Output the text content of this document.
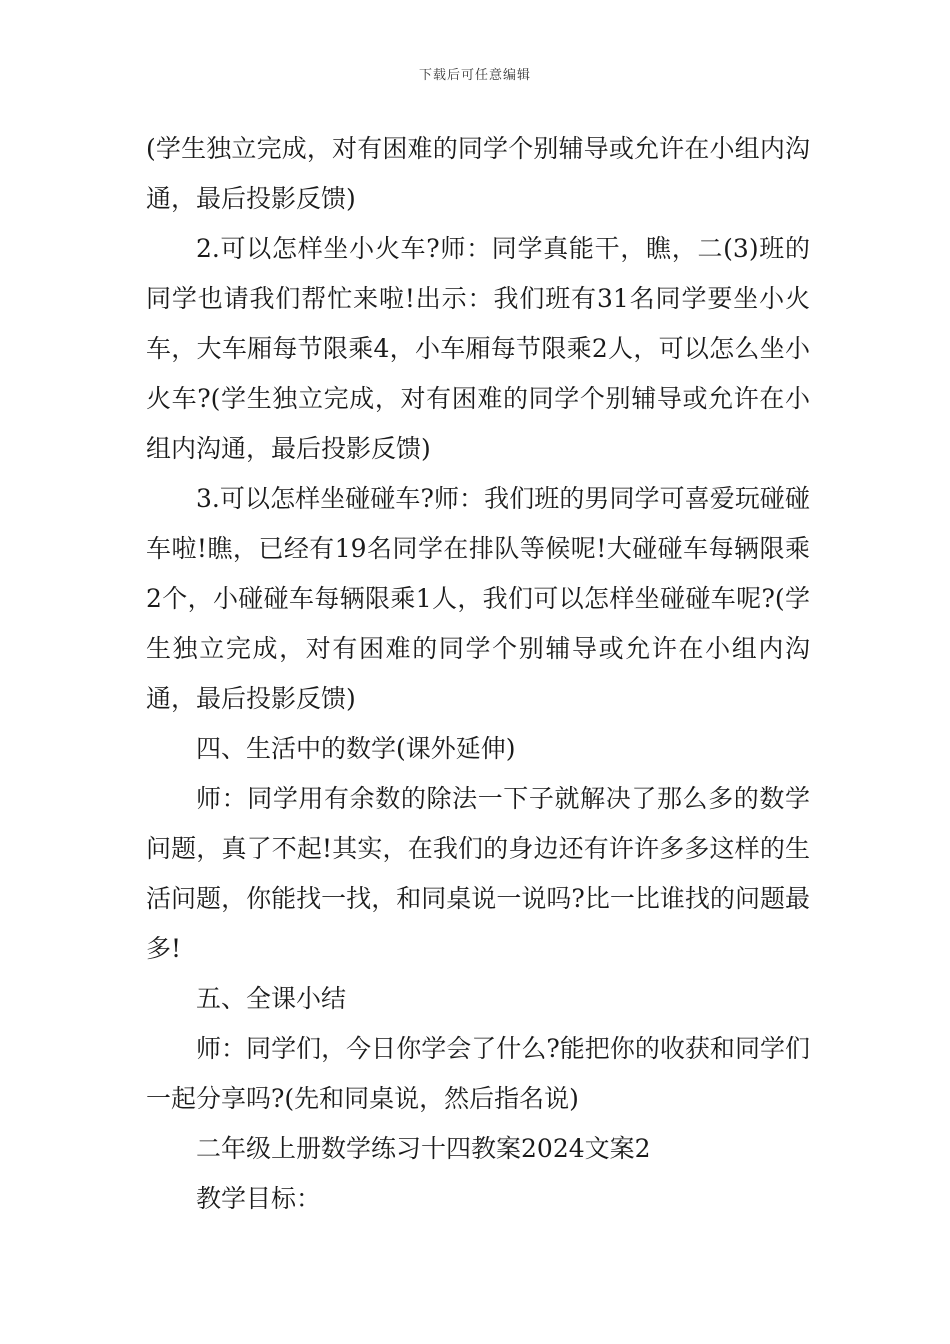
下载后可任意编辑

(学生独立完成，对有困难的同学个别辅导或允许在小组内沟通，最后投影反馈)

2.可以怎样坐小火车?师：同学真能干，瞧，二(3)班的同学也请我们帮忙来啦!出示：我们班有31名同学要坐小火车，大车厢每节限乘4，小车厢每节限乘2人，可以怎么坐小火车?(学生独立完成，对有困难的同学个别辅导或允许在小组内沟通，最后投影反馈)

3.可以怎样坐碰碰车?师：我们班的男同学可喜爱玩碰碰车啦!瞧，已经有19名同学在排队等候呢!大碰碰车每辆限乘2个，小碰碰车每辆限乘1人，我们可以怎样坐碰碰车呢?(学生独立完成，对有困难的同学个别辅导或允许在小组内沟通，最后投影反馈)

四、生活中的数学(课外延伸)

师：同学用有余数的除法一下子就解决了那么多的数学问题，真了不起!其实，在我们的身边还有许许多多这样的生活问题，你能找一找，和同桌说一说吗?比一比谁找的问题最多!

五、全课小结

师：同学们，今日你学会了什么?能把你的收获和同学们一起分享吗?(先和同桌说，然后指名说)

二年级上册数学练习十四教案2024文案2

教学目标：
